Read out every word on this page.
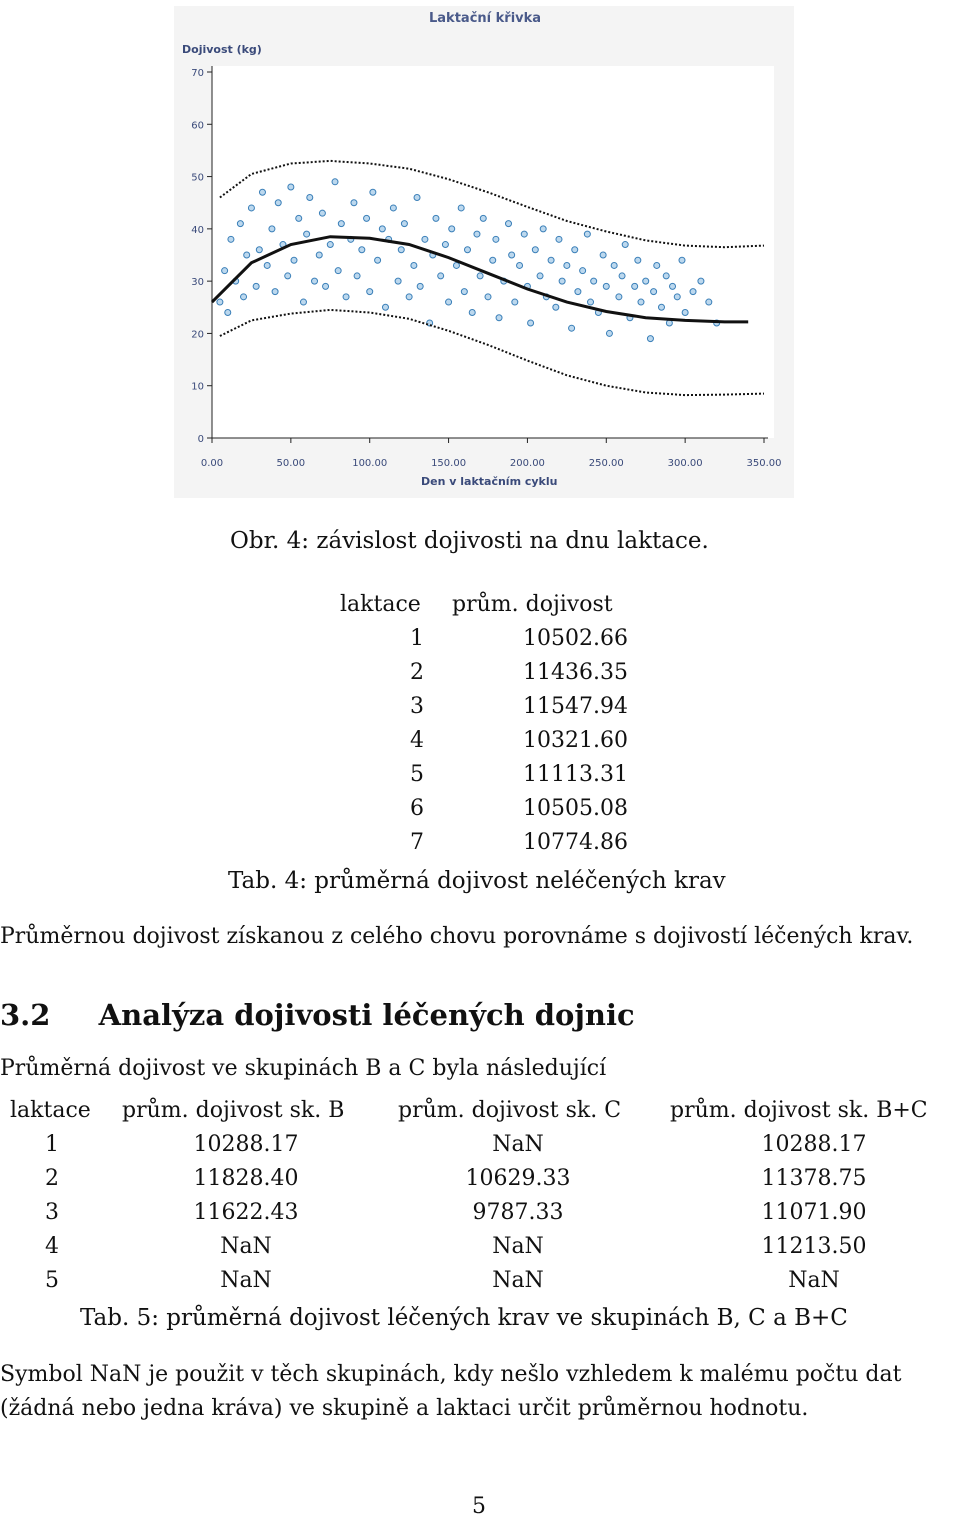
Laktační křivka
Dojivost (kg)
Den v laktačním cyklu
0
10
20
30
40
50
60
70
0.00	50.00	100.00	150.00	200.00	250.00	300.00	350.00
Obr. 4: závislost dojivosti na dnu laktace.
laktace prům. dojivost
1	10502.66
2	11436.35
3	11547.94
4	10321.60
5	11113.31
6	10505.08
7	10774.86
Tab. 4: průměrná dojivost neléčených krav
Průměrnou dojivost získanou z celého chovu porovnáme s dojivostí léčených krav.
3.2 Analýza dojivosti léčených dojnic
Průměrná dojivost ve skupinách B a C byla následující
laktace prům. dojivost sk. B prům. dojivost sk. C prům. dojivost sk. B+C
1	10288.17	NaN	10288.17
2	11828.40	10629.33	11378.75
3	11622.43	9787.33	11071.90
4	NaN	NaN	11213.50
5	NaN	NaN	NaN
Tab. 5: průměrná dojivost léčených krav ve skupinách B, C a B+C
Symbol NaN je použit v těch skupinách, kdy nešlo vzhledem k malému počtu dat
(žádná nebo jedna kráva) ve skupině a laktaci určit průměrnou hodnotu.
5
